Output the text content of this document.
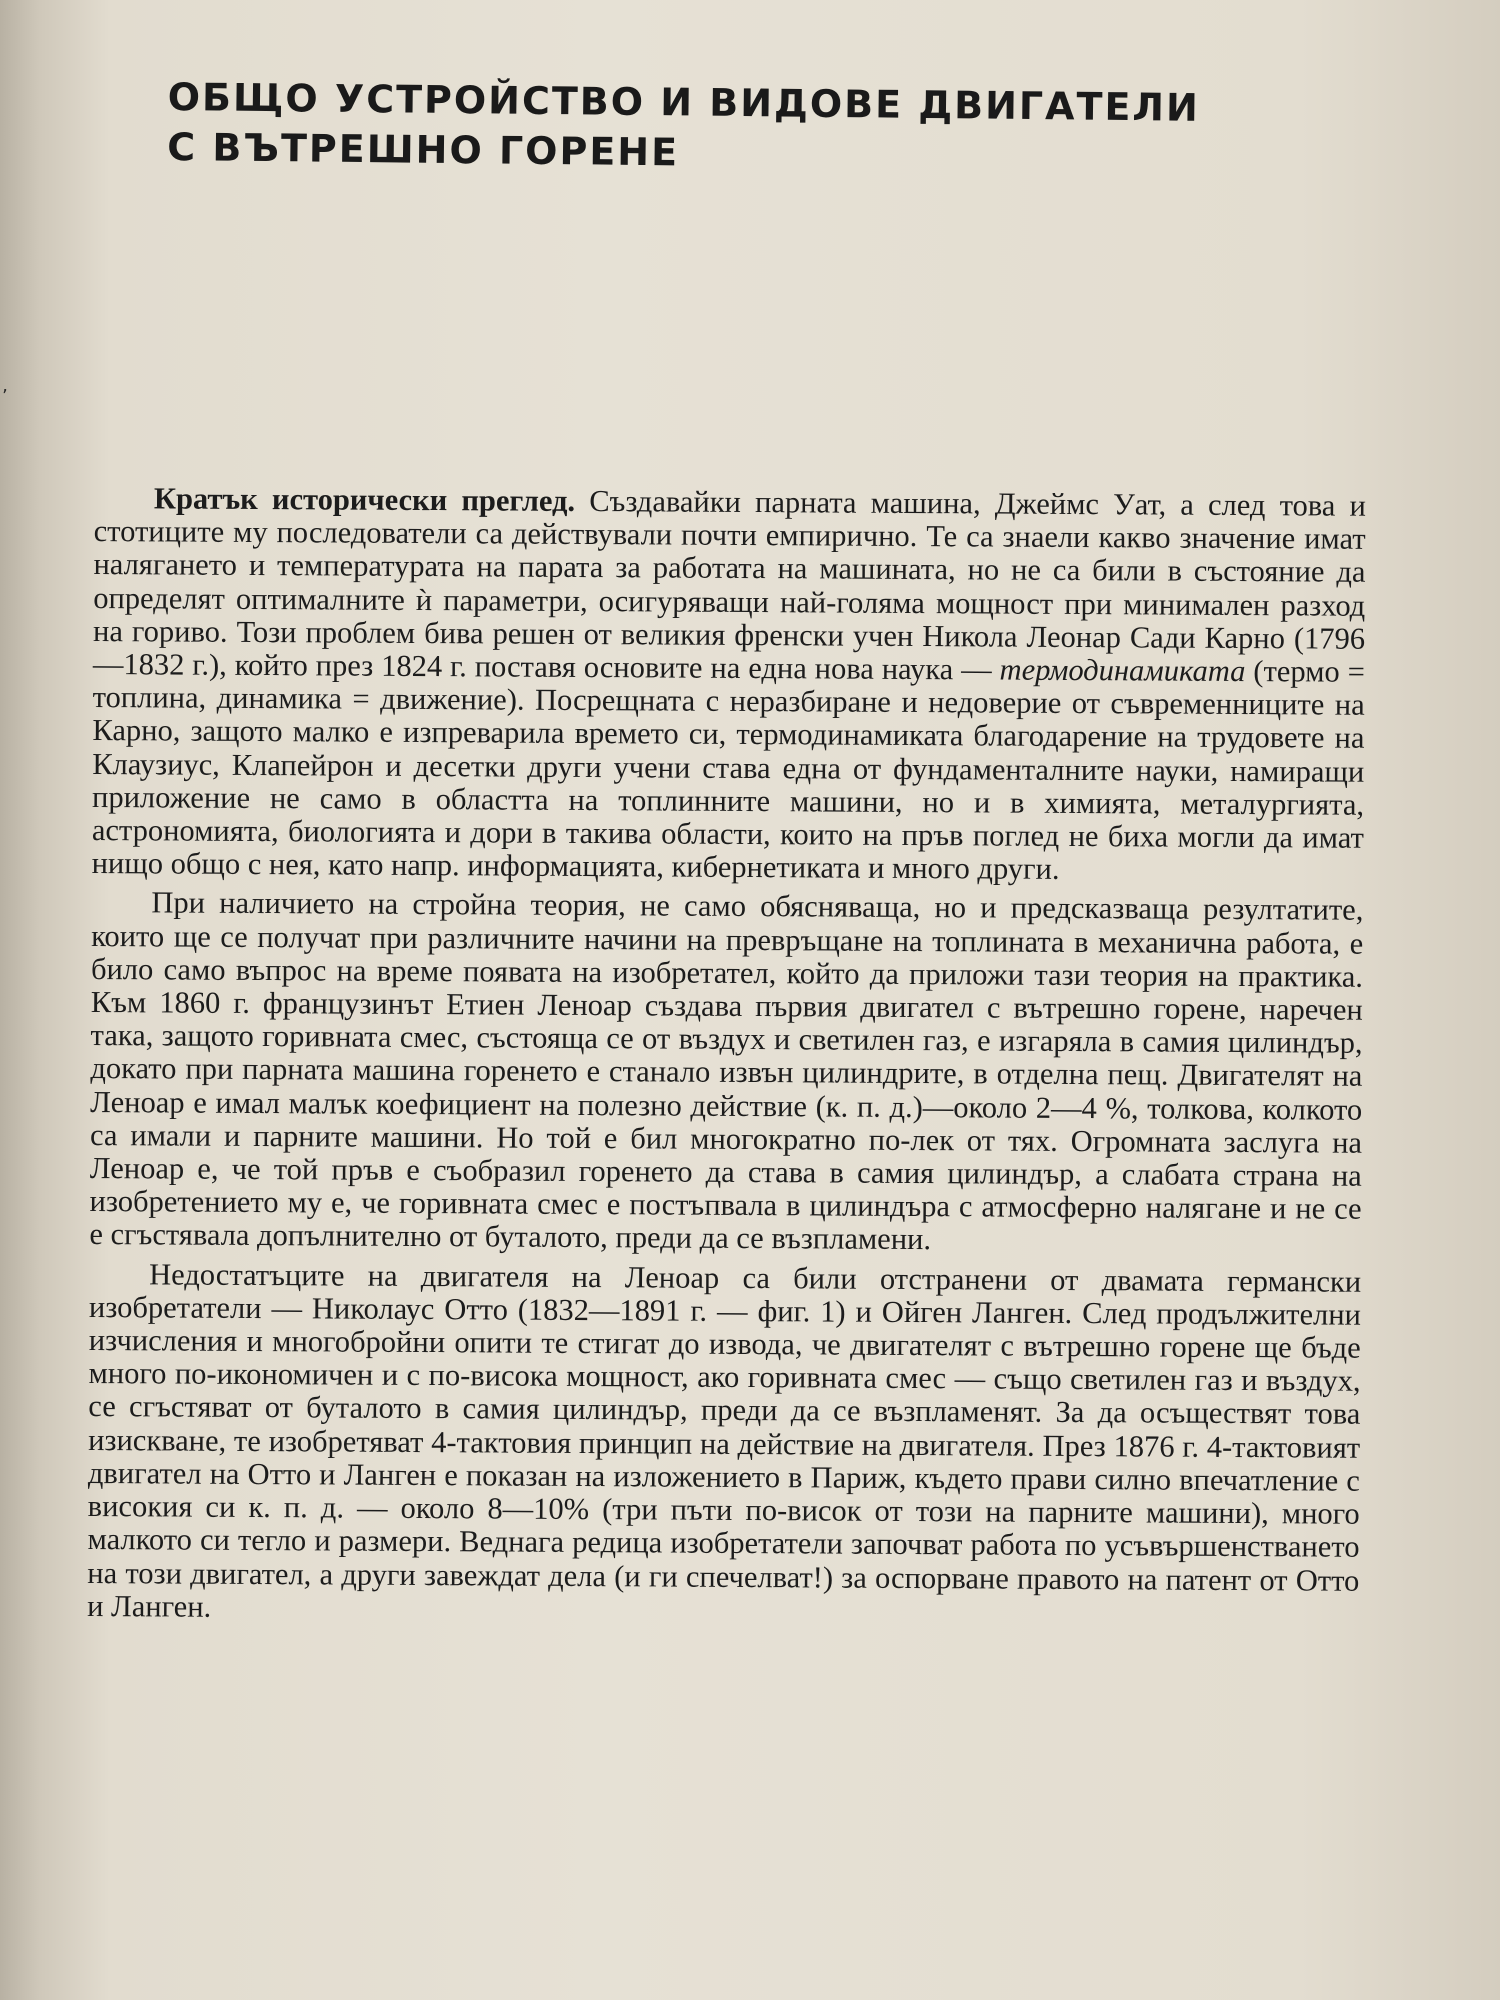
’
ОБЩО УСТРОЙСТВО И ВИДОВЕ ДВИГАТЕЛИ
С ВЪТРЕШНО ГОРЕНЕ

Кратък исторически преглед. Създавайки парната машина, Джеймс Уат, а след това и стотиците му последователи са действували почти емпирично. Те са знаели какво значение имат налягането и температурата на парата за работата на машината, но не са били в състояние да определят оптималните ѝ параметри, осигуряващи най-голяма мощност при минимален разход на гориво. Този проблем бива решен от великия френски учен Никола Леонар Сади Карно (1796—1832 г.), който през 1824 г. поставя основите на една нова наука — термодинамиката (термо = топлина, динамика = движение). Посрещната с неразбиране и недоверие от съвременниците на Карно, защото малко е изпреварила времето си, термодинамиката благодарение на трудовете на Клаузиус, Клапейрон и десетки други учени става една от фундаменталните науки, намиращи приложение не само в областта на топлинните машини, но и в химията, металургията, астрономията, биологията и дори в такива области, които на пръв поглед не биха могли да имат нищо общо с нея, като напр. информацията, кибернетиката и много други.

При наличието на стройна теория, не само обясняваща, но и предсказваща резултатите, които ще се получат при различните начини на превръщане на топлината в механична работа, е било само въпрос на време появата на изобретател, който да приложи тази теория на практика. Към 1860 г. французинът Етиен Леноар създава първия двигател с вътрешно горене, наречен така, защото горивната смес, състояща се от въздух и светилен газ, е изгаряла в самия цилиндър, докато при парната машина горенето е станало извън цилиндрите, в отделна пещ. Двигателят на Леноар е имал малък коефициент на полезно действие (к. п. д.)—около 2—4 %, толкова, колкото са имали и парните машини. Но той е бил многократно по-лек от тях. Огромната заслуга на Леноар е, че той пръв е съобразил горенето да става в самия цилиндър, а слабата страна на изобретението му е, че горивната смес е постъпвала в цилиндъра с атмосферно налягане и не се е сгъстявала допълнително от буталото, преди да се възпламени.

Недостатъците на двигателя на Леноар са били отстранени от двамата германски изобретатели — Николаус Отто (1832—1891 г. — фиг. 1) и Ойген Ланген. След продължителни изчисления и многобройни опити те стигат до извода, че двигателят с вътрешно горене ще бъде много по-икономичен и с по-висока мощност, ако горивната смес — също светилен газ и въздух, се сгъстяват от буталото в самия цилиндър, преди да се възпламенят. За да осъществят това изискване, те изобретяват 4-тактовия принцип на действие на двигателя. През 1876 г. 4-тактовият двигател на Отто и Ланген е показан на изложението в Париж, където прави силно впечатление с високия си к. п. д. — около 8—10% (три пъти по-висок от този на парните машини), много малкото си тегло и размери. Веднага редица изобретатели започват работа по усъвършенстването на този двигател, а други завеждат дела (и ги спечелват!) за оспорване правото на патент от Отто и Ланген.
